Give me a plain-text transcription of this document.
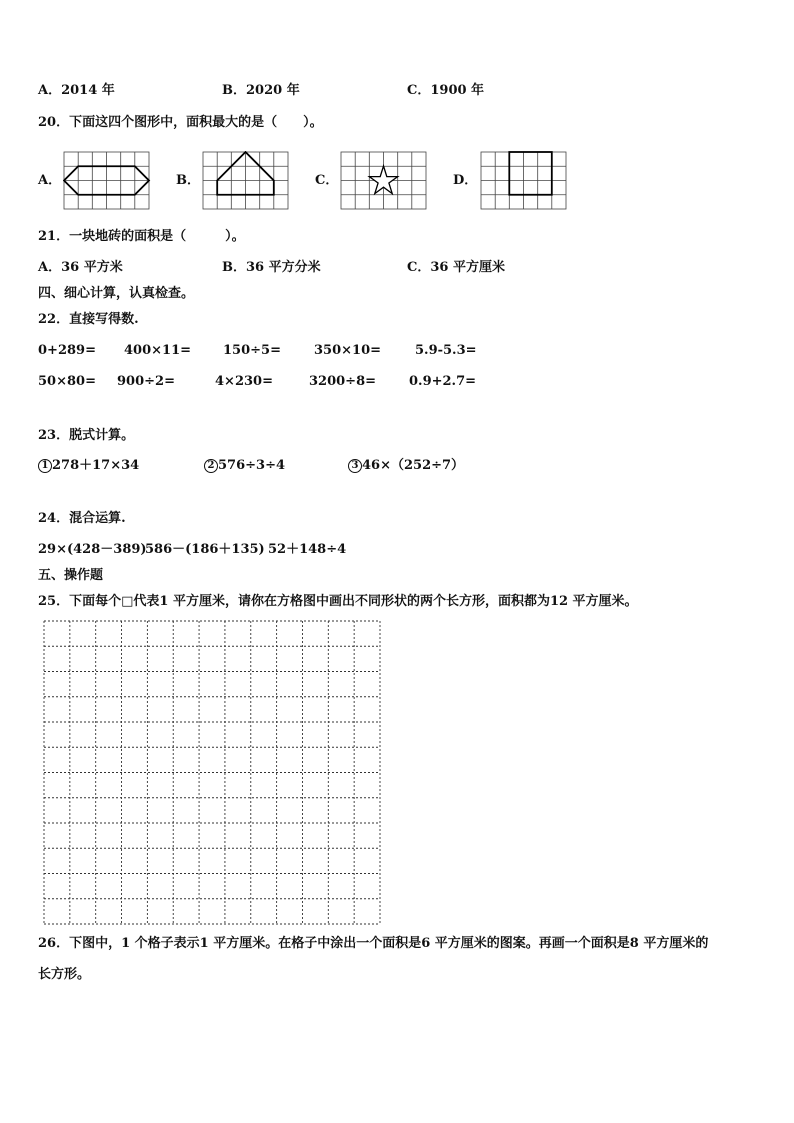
A．2014 年	B．2020 年	C．1900 年
20．下面这四个图形中，面积最大的是（　　）。
A．	B．	C．	D．
21．一块地砖的面积是（　　　）。
A．36 平方米	B．36 平方分米	C．36 平方厘米
四、细心计算，认真检查。
22．直接写得数.
0+289= 400×11= 150÷5=	350×10=	5.9-5.3=
50×80= 900÷2=	4×230=	3200÷8=	0.9+2.7=
23．脱式计算。
1 278＋17×34	2 576÷3÷4	3 46×（252÷7）
24．混合运算.
29×(428－389)
586－(186＋135) 52＋148÷4
五、操作题
25．下面每个□代表1 平方厘米，请你在方格图中画出不同形状的两个长方形，面积都为12 平方厘米。
26．下图中，1 个格子表示1 平方厘米。在格子中涂出一个面积是6 平方厘米的图案。再画一个面积是8 平方厘米的
长方形。
